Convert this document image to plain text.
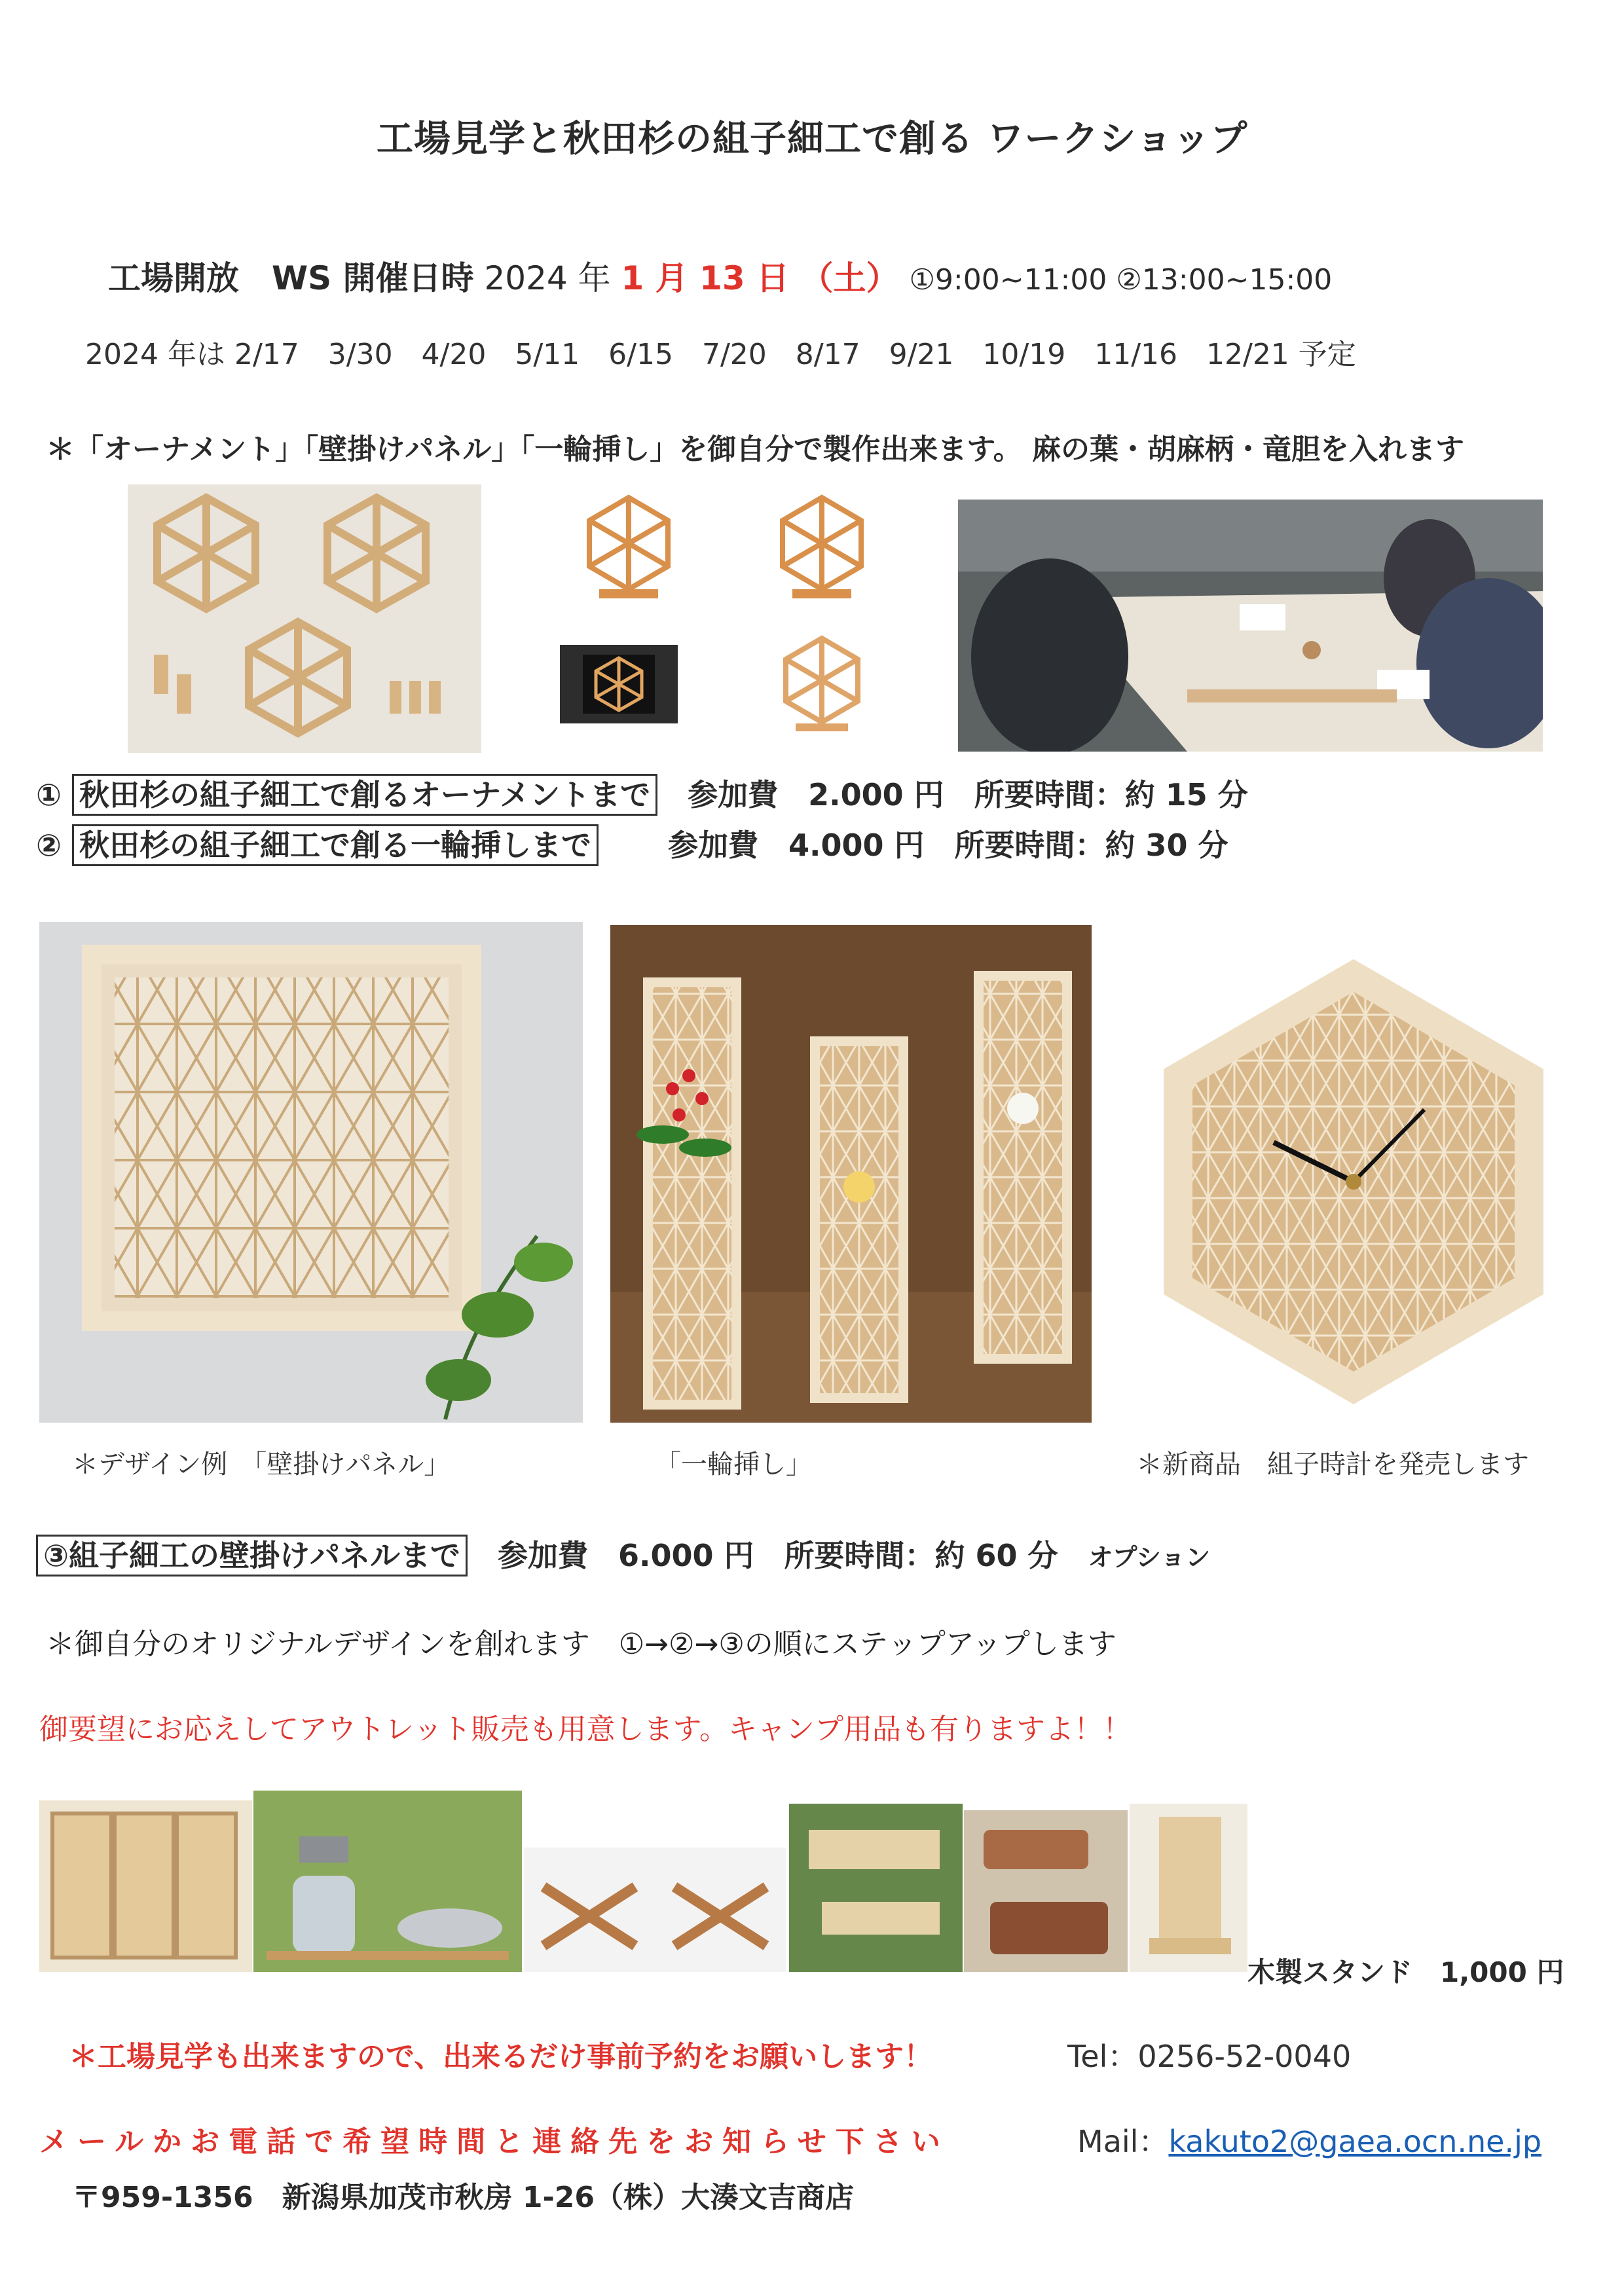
工場見学と秋田杉の組子細工で創る ワークショップ
工場開放　WS 開催日時 2024 年 1 月 13 日 （土） ①9:00~11:00 ②13:00~15:00
2024 年は 2/17　3/30　4/20　5/11　6/15　7/20　8/17　9/21　10/19　11/16　12/21 予定
＊「オーナメント」「壁掛けパネル」「一輪挿し」を御自分で製作出来ます。 麻の葉・胡麻柄・竜胆を入れます
① 秋田杉の組子細工で創るオーナメントまで 参加費　2.000 円 所要時間：約 15 分
② 秋田杉の組子細工で創る一輪挿しまで	参加費　4.000 円 所要時間：約 30 分
＊デザイン例　「壁掛けパネル」	「一輪挿し」	＊新商品　組子時計を発売します
③組子細工の壁掛けパネルまで 参加費　6.000 円 所要時間：約 60 分 オプション
＊御自分のオリジナルデザインを創れます　①→②→③の順にステップアップします
御要望にお応えしてアウトレット販売も用意します。キャンプ用品も有りますよ！！
木製スタンド　1,000 円
＊工場見学も出来ますので、出来るだけ事前予約をお願いします！	Tel：0256-52-0040
メールかお電話で希望時間と連絡先をお知らせ下さい	Mail：kakuto2@gaea.ocn.ne.jp
〒959-1356　新潟県加茂市秋房 1-26（株）大湊文吉商店
